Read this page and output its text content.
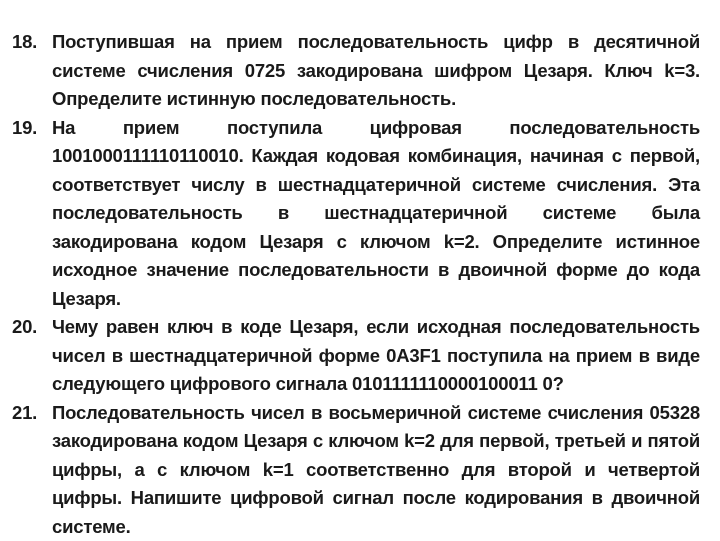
18. Поступившая на прием последовательность цифр в десятичной системе счисления 0725 закодирована шифром Цезаря. Ключ k=3. Определите истинную последовательность.
19. На прием поступила цифровая последовательность 1001000111110110010. Каждая кодовая комбинация, начиная с первой, соответствует числу в шестнадцатеричной системе счисления. Эта последовательность в шестнадцатеричной системе была закодирована кодом Цезаря с ключом k=2. Определите истинное исходное значение последовательности в двоичной форме до кода Цезаря.
20. Чему равен ключ в коде Цезаря, если исходная последовательность чисел в шестнадцатеричной форме 0A3F1 поступила на прием в виде следующего цифрового сигнала 0101111110000100011 0?
21. Последовательность чисел в восьмеричной системе счисления 05328 закодирована кодом Цезаря с ключом k=2 для первой, третьей и пятой цифры, а с ключом k=1 соответственно для второй и четвертой цифры. Напишите цифровой сигнал после кодирования в двоичной системе.
